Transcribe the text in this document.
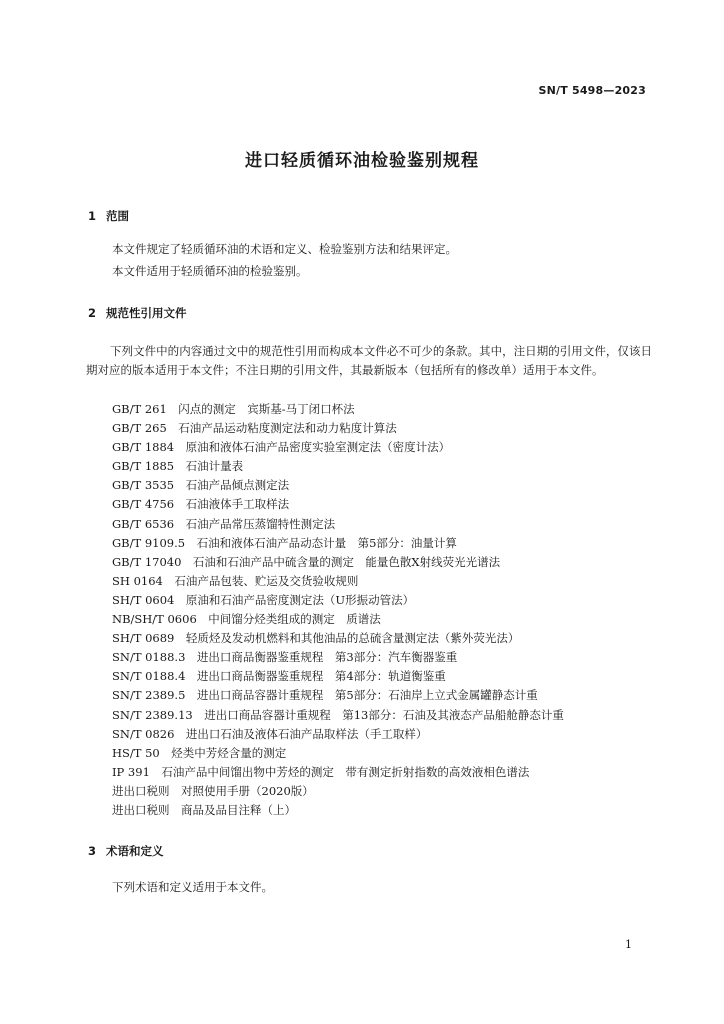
SN/T 5498—2023
进口轻质循环油检验鉴别规程
1 范围
本文件规定了轻质循环油的术语和定义、检验鉴别方法和结果评定。
本文件适用于轻质循环油的检验鉴别。
2 规范性引用文件
下列文件中的内容通过文中的规范性引用而构成本文件必不可少的条款。其中，注日期的引用文件，仅该日期对应的版本适用于本文件；不注日期的引用文件，其最新版本（包括所有的修改单）适用于本文件。
GB/T 261　闪点的测定　宾斯基-马丁闭口杯法
GB/T 265　石油产品运动粘度测定法和动力粘度计算法
GB/T 1884　原油和液体石油产品密度实验室测定法（密度计法）
GB/T 1885　石油计量表
GB/T 3535　石油产品倾点测定法
GB/T 4756　石油液体手工取样法
GB/T 6536　石油产品常压蒸馏特性测定法
GB/T 9109.5　石油和液体石油产品动态计量　第5部分：油量计算
GB/T 17040　石油和石油产品中硫含量的测定　能量色散X射线荧光光谱法
SH 0164　石油产品包装、贮运及交货验收规则
SH/T 0604　原油和石油产品密度测定法（U形振动管法）
NB/SH/T 0606　中间馏分烃类组成的测定　质谱法
SH/T 0689　轻质烃及发动机燃料和其他油品的总硫含量测定法（紫外荧光法）
SN/T 0188.3　进出口商品衡器鉴重规程　第3部分：汽车衡器鉴重
SN/T 0188.4　进出口商品衡器鉴重规程　第4部分：轨道衡鉴重
SN/T 2389.5　进出口商品容器计重规程　第5部分：石油岸上立式金属罐静态计重
SN/T 2389.13　进出口商品容器计重规程　第13部分：石油及其液态产品船舱静态计重
SN/T 0826　进出口石油及液体石油产品取样法（手工取样）
HS/T 50　烃类中芳烃含量的测定
IP 391　石油产品中间馏出物中芳烃的测定　带有测定折射指数的高效液相色谱法
进出口税则　对照使用手册（2020版）
进出口税则　商品及品目注释（上）
3 术语和定义
下列术语和定义适用于本文件。
1
